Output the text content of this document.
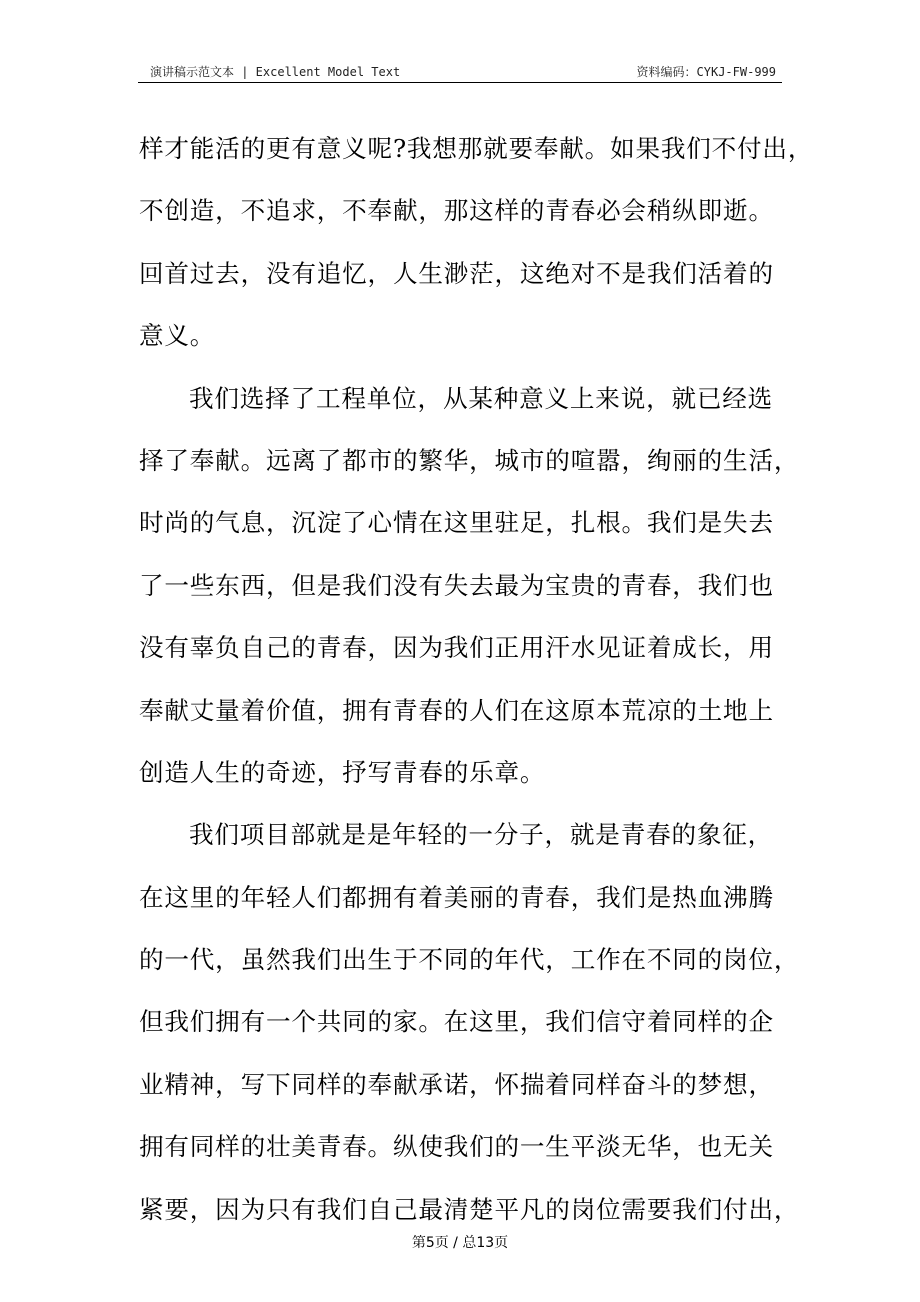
演讲稿示范文本 | Excellent Model Text	资料编码：CYKJ-FW-999
样才能活的更有意义呢?我想那就要奉献。如果我们不付出，
不创造，不追求，不奉献，那这样的青春必会稍纵即逝。
回首过去，没有追忆，人生渺茫，这绝对不是我们活着的
意义。
我们选择了工程单位，从某种意义上来说，就已经选
择了奉献。远离了都市的繁华，城市的喧嚣，绚丽的生活，
时尚的气息，沉淀了心情在这里驻足，扎根。我们是失去
了一些东西，但是我们没有失去最为宝贵的青春，我们也
没有辜负自己的青春，因为我们正用汗水见证着成长，用
奉献丈量着价值，拥有青春的人们在这原本荒凉的土地上
创造人生的奇迹，抒写青春的乐章。
我们项目部就是是年轻的一分子，就是青春的象征，
在这里的年轻人们都拥有着美丽的青春，我们是热血沸腾
的一代，虽然我们出生于不同的年代，工作在不同的岗位，
但我们拥有一个共同的家。在这里，我们信守着同样的企
业精神，写下同样的奉献承诺，怀揣着同样奋斗的梦想，
拥有同样的壮美青春。纵使我们的一生平淡无华，也无关
紧要，因为只有我们自己最清楚平凡的岗位需要我们付出，
第5页 / 总13页
